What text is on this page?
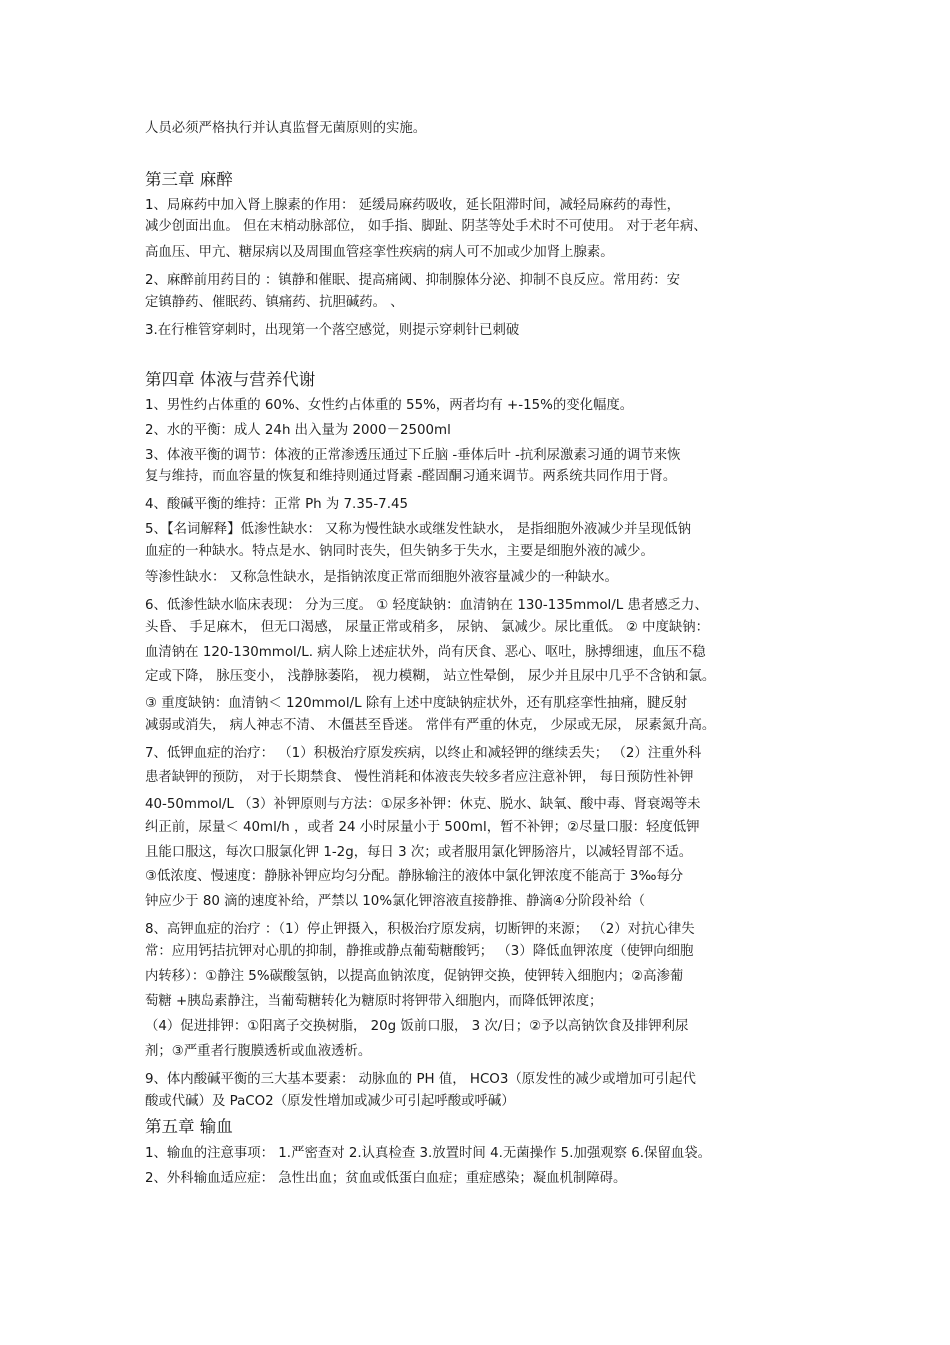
人员必须严格执行并认真监督无菌原则的实施。
第三章 麻醉
1、局麻药中加入肾上腺素的作用： 延缓局麻药吸收，延长阻滞时间，减轻局麻药的毒性，
减少创面出血。 但在末梢动脉部位， 如手指、脚趾、阴茎等处手术时不可使用。 对于老年病、
高血压、甲亢、糖尿病以及周围血管痉挛性疾病的病人可不加或少加肾上腺素。
2、麻醉前用药目的 ：镇静和催眠、提高痛阈、抑制腺体分泌、抑制不良反应。常用药：安
定镇静药、催眠药、镇痛药、抗胆碱药。 、
3.在行椎管穿刺时，出现第一个落空感觉，则提示穿刺针已刺破
第四章 体液与营养代谢
1、男性约占体重的 60%、女性约占体重的 55%，两者均有 +-15%的变化幅度。
2、水的平衡：成人 24h 出入量为 2000－2500ml
3、体液平衡的调节：体液的正常渗透压通过下丘脑 -垂体后叶 -抗利尿激素习通的调节来恢
复与维持，而血容量的恢复和维持则通过肾素 -醛固酮习通来调节。两系统共同作用于肾。
4、酸碱平衡的维持：正常 Ph 为 7.35-7.45
5、【名词解释】低渗性缺水： 又称为慢性缺水或继发性缺水， 是指细胞外液减少并呈现低钠
血症的一种缺水。特点是水、钠同时丧失，但失钠多于失水，主要是细胞外液的减少。
等渗性缺水： 又称急性缺水，是指钠浓度正常而细胞外液容量减少的一种缺水。
6、低渗性缺水临床表现： 分为三度。 ① 轻度缺钠：血清钠在 130-135mmol/L 患者感乏力、
头昏、 手足麻木， 但无口渴感， 尿量正常或稍多， 尿钠、 氯减少。尿比重低。 ② 中度缺钠：
血清钠在 120-130mmol/L. 病人除上述症状外，尚有厌食、恶心、呕吐，脉搏细速，血压不稳
定或下降， 脉压变小， 浅静脉萎陷， 视力模糊， 站立性晕倒， 尿少并且尿中几乎不含钠和氯。
③ 重度缺钠：血清钠＜ 120mmol/L 除有上述中度缺钠症状外，还有肌痉挛性抽痛，腱反射
减弱或消失， 病人神志不清、 木僵甚至昏迷。 常伴有严重的休克， 少尿或无尿， 尿素氮升高。
7、低钾血症的治疗： （1）积极治疗原发疾病，以终止和减轻钾的继续丢失； （2）注重外科
患者缺钾的预防， 对于长期禁食、 慢性消耗和体液丧失较多者应注意补钾， 每日预防性补钾
40-50mmol/L （3）补钾原则与方法：①尿多补钾：休克、脱水、缺氧、酸中毒、肾衰竭等未
纠正前，尿量＜ 40ml/h ，或者 24 小时尿量小于 500ml，暂不补钾；②尽量口服：轻度低钾
且能口服这，每次口服氯化钾 1-2g，每日 3 次；或者服用氯化钾肠溶片，以减轻胃部不适。
③低浓度、慢速度：静脉补钾应均匀分配。静脉输注的液体中氯化钾浓度不能高于 3‰每分
钟应少于 80 滴的速度补给，严禁以 10%氯化钾溶液直接静推、静滴④分阶段补给（
8、高钾血症的治疗 ：（1）停止钾摄入，积极治疗原发病，切断钾的来源； （2）对抗心律失
常：应用钙拮抗钾对心肌的抑制，静推或静点葡萄糖酸钙； （3）降低血钾浓度（使钾向细胞
内转移）：①静注 5%碳酸氢钠，以提高血钠浓度，促钠钾交换，使钾转入细胞内；②高渗葡
萄糖 +胰岛素静注，当葡萄糖转化为糖原时将钾带入细胞内，而降低钾浓度；
（4）促进排钾：①阳离子交换树脂， 20g 饭前口服， 3 次/日；②予以高钠饮食及排钾利尿
剂；③严重者行腹膜透析或血液透析。
9、体内酸碱平衡的三大基本要素： 动脉血的 PH 值， HCO3（原发性的减少或增加可引起代
酸或代碱）及 PaCO2（原发性增加或减少可引起呼酸或呼碱）
第五章 输血
1、输血的注意事项： 1.严密查对 2.认真检查 3.放置时间 4.无菌操作 5.加强观察 6.保留血袋。
2、外科输血适应症： 急性出血；贫血或低蛋白血症；重症感染；凝血机制障碍。
